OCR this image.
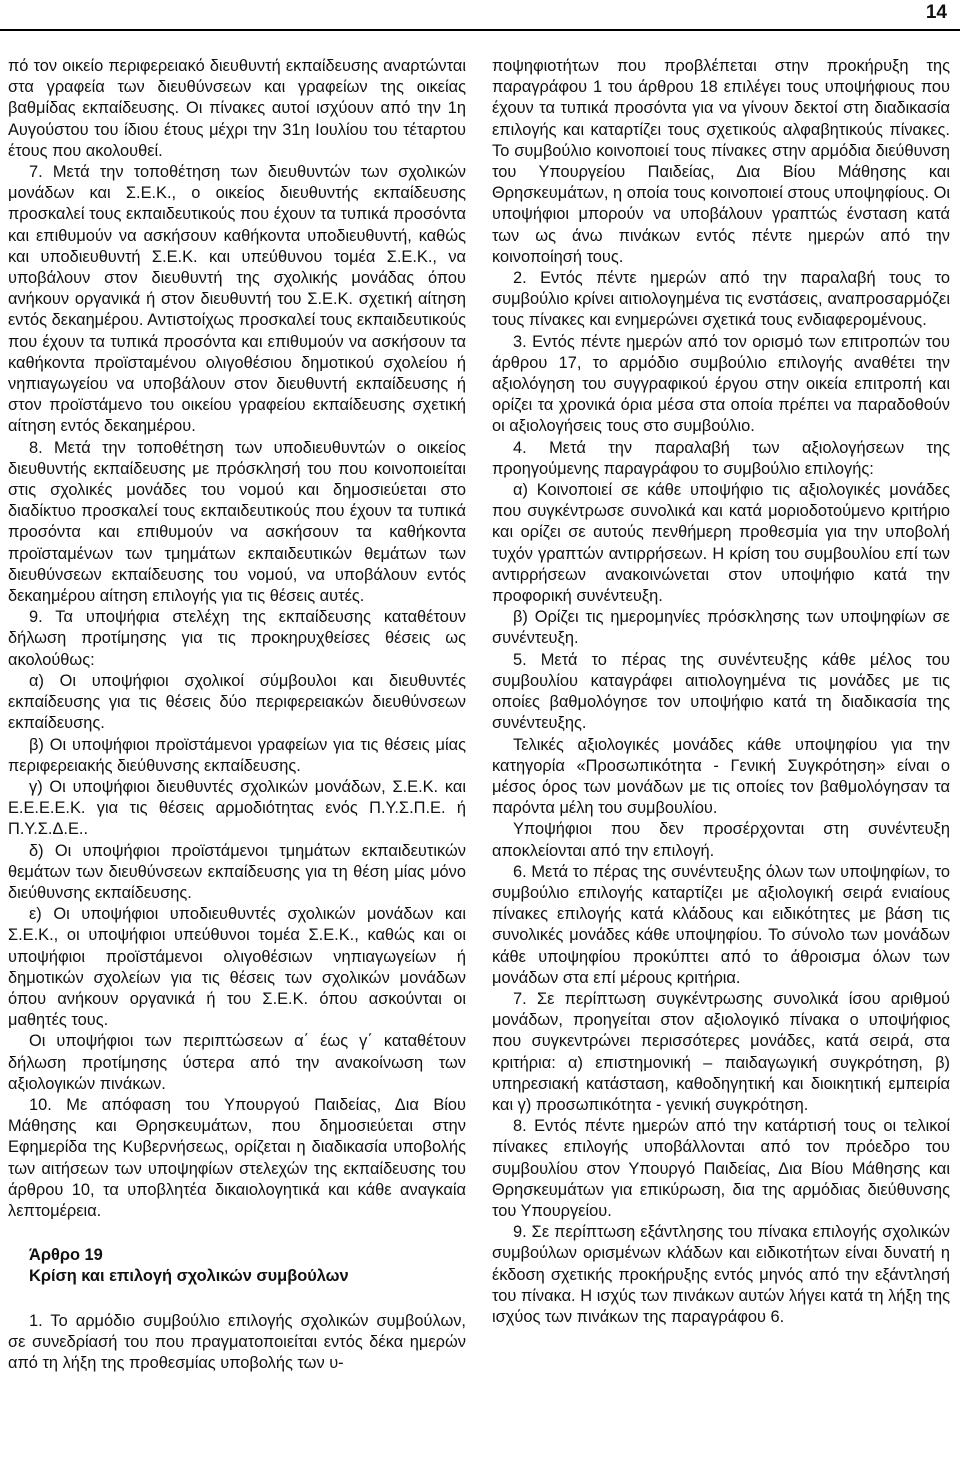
14

πό τον οικείο περιφερειακό διευθυντή εκπαίδευσης αναρτώνται στα γραφεία των διευθύνσεων και γραφείων της οικείας βαθμίδας εκπαίδευσης. Οι πίνακες αυτοί ισχύουν από την 1η Αυγούστου του ίδιου έτους μέχρι την 31η Ιουλίου του τέταρτου έτους που ακολουθεί.

7. Μετά την τοποθέτηση των διευθυντών των σχολικών μονάδων και Σ.Ε.Κ., ο οικείος διευθυντής εκπαίδευσης προσκαλεί τους εκπαιδευτικούς που έχουν τα τυπικά προσόντα και επιθυμούν να ασκήσουν καθήκοντα υποδιευθυντή, καθώς και υποδιευθυντή Σ.Ε.Κ. και υπεύθυνου τομέα Σ.Ε.Κ., να υποβάλουν στον διευθυντή της σχολικής μονάδας όπου ανήκουν οργανικά ή στον διευθυντή του Σ.Ε.Κ. σχετική αίτηση εντός δεκαημέρου. Αντιστοίχως προσκαλεί τους εκπαιδευτικούς που έχουν τα τυπικά προσόντα και επιθυμούν να ασκήσουν τα καθήκοντα προϊσταμένου ολιγοθέσιου δημοτικού σχολείου ή νηπιαγωγείου να υποβάλουν στον διευθυντή εκπαίδευσης ή στον προϊστάμενο του οικείου γραφείου εκπαίδευσης σχετική αίτηση εντός δεκαημέρου.

8. Μετά την τοποθέτηση των υποδιευθυντών ο οικείος διευθυντής εκπαίδευσης με πρόσκλησή του που κοινοποιείται στις σχολικές μονάδες του νομού και δημοσιεύεται στο διαδίκτυο προσκαλεί τους εκπαιδευτικούς που έχουν τα τυπικά προσόντα και επιθυμούν να ασκήσουν τα καθήκοντα προϊσταμένων των τμημάτων εκπαιδευτικών θεμάτων των διευθύνσεων εκπαίδευσης του νομού, να υποβάλουν εντός δεκαημέρου αίτηση επιλογής για τις θέσεις αυτές.

9. Τα υποψήφια στελέχη της εκπαίδευσης καταθέτουν δήλωση προτίμησης για τις προκηρυχθείσες θέσεις ως ακολούθως:

α) Οι υποψήφιοι σχολικοί σύμβουλοι και διευθυντές εκπαίδευσης για τις θέσεις δύο περιφερειακών διευθύνσεων εκπαίδευσης.

β) Οι υποψήφιοι προϊστάμενοι γραφείων για τις θέσεις μίας περιφερειακής διεύθυνσης εκπαίδευσης.

γ) Οι υποψήφιοι διευθυντές σχολικών μονάδων, Σ.Ε.Κ. και Ε.Ε.Ε.Ε.Κ. για τις θέσεις αρμοδιότητας ενός Π.Υ.Σ.Π.Ε. ή Π.Υ.Σ.Δ.Ε..

δ) Οι υποψήφιοι προϊστάμενοι τμημάτων εκπαιδευτικών θεμάτων των διευθύνσεων εκπαίδευσης για τη θέση μίας μόνο διεύθυνσης εκπαίδευσης.

ε) Οι υποψήφιοι υποδιευθυντές σχολικών μονάδων και Σ.Ε.Κ., οι υποψήφιοι υπεύθυνοι τομέα Σ.Ε.Κ., καθώς και οι υποψήφιοι προϊστάμενοι ολιγοθέσιων νηπιαγωγείων ή δημοτικών σχολείων για τις θέσεις των σχολικών μονάδων όπου ανήκουν οργανικά ή του Σ.Ε.Κ. όπου ασκούνται οι μαθητές τους.

Οι υποψήφιοι των περιπτώσεων α΄ έως γ΄ καταθέτουν δήλωση προτίμησης ύστερα από την ανακοίνωση των αξιολογικών πινάκων.

10. Με απόφαση του Υπουργού Παιδείας, Δια Βίου Μάθησης και Θρησκευμάτων, που δημοσιεύεται στην Εφημερίδα της Κυβερνήσεως, ορίζεται η διαδικασία υποβολής των αιτήσεων των υποψηφίων στελεχών της εκπαίδευσης του άρθρου 10, τα υποβλητέα δικαιολογητικά και κάθε αναγκαία λεπτομέρεια.

Άρθρο 19

Κρίση και επιλογή σχολικών συμβούλων

1. Το αρμόδιο συμβούλιο επιλογής σχολικών συμβούλων, σε συνεδρίασή του που πραγματοποιείται εντός δέκα ημερών από τη λήξη της προθεσμίας υποβολής των υ-

ποψηφιοτήτων που προβλέπεται στην προκήρυξη της παραγράφου 1 του άρθρου 18 επιλέγει τους υποψήφιους που έχουν τα τυπικά προσόντα για να γίνουν δεκτοί στη διαδικασία επιλογής και καταρτίζει τους σχετικούς αλφαβητικούς πίνακες. Το συμβούλιο κοινοποιεί τους πίνακες στην αρμόδια διεύθυνση του Υπουργείου Παιδείας, Δια Βίου Μάθησης και Θρησκευμάτων, η οποία τους κοινοποιεί στους υποψηφίους. Οι υποψήφιοι μπορούν να υποβάλουν γραπτώς ένσταση κατά των ως άνω πινάκων εντός πέντε ημερών από την κοινοποίησή τους.

2. Εντός πέντε ημερών από την παραλαβή τους το συμβούλιο κρίνει αιτιολογημένα τις ενστάσεις, αναπροσαρμόζει τους πίνακες και ενημερώνει σχετικά τους ενδιαφερομένους.

3. Εντός πέντε ημερών από τον ορισμό των επιτροπών του άρθρου 17, το αρμόδιο συμβούλιο επιλογής αναθέτει την αξιολόγηση του συγγραφικού έργου στην οικεία επιτροπή και ορίζει τα χρονικά όρια μέσα στα οποία πρέπει να παραδοθούν οι αξιολογήσεις τους στο συμβούλιο.

4. Μετά την παραλαβή των αξιολογήσεων της προηγούμενης παραγράφου το συμβούλιο επιλογής:

α) Κοινοποιεί σε κάθε υποψήφιο τις αξιολογικές μονάδες που συγκέντρωσε συνολικά και κατά μοριοδοτούμενο κριτήριο και ορίζει σε αυτούς πενθήμερη προθεσμία για την υποβολή τυχόν γραπτών αντιρρήσεων. Η κρίση του συμβουλίου επί των αντιρρήσεων ανακοινώνεται στον υποψήφιο κατά την προφορική συνέντευξη.

β) Ορίζει τις ημερομηνίες πρόσκλησης των υποψηφίων σε συνέντευξη.

5. Μετά το πέρας της συνέντευξης κάθε μέλος του συμβουλίου καταγράφει αιτιολογημένα τις μονάδες με τις οποίες βαθμολόγησε τον υποψήφιο κατά τη διαδικασία της συνέντευξης.

Τελικές αξιολογικές μονάδες κάθε υποψηφίου για την κατηγορία «Προσωπικότητα - Γενική Συγκρότηση» είναι ο μέσος όρος των μονάδων με τις οποίες τον βαθμολόγησαν τα παρόντα μέλη του συμβουλίου.

Υποψήφιοι που δεν προσέρχονται στη συνέντευξη αποκλείονται από την επιλογή.

6. Μετά το πέρας της συνέντευξης όλων των υποψηφίων, το συμβούλιο επιλογής καταρτίζει με αξιολογική σειρά ενιαίους πίνακες επιλογής κατά κλάδους και ειδικότητες με βάση τις συνολικές μονάδες κάθε υποψηφίου. Το σύνολο των μονάδων κάθε υποψηφίου προκύπτει από το άθροισμα όλων των μονάδων στα επί μέρους κριτήρια.

7. Σε περίπτωση συγκέντρωσης συνολικά ίσου αριθμού μονάδων, προηγείται στον αξιολογικό πίνακα ο υποψήφιος που συγκεντρώνει περισσότερες μονάδες, κατά σειρά, στα κριτήρια: α) επιστημονική – παιδαγωγική συγκρότηση, β) υπηρεσιακή κατάσταση, καθοδηγητική και διοικητική εμπειρία και γ) προσωπικότητα - γενική συγκρότηση.

8. Εντός πέντε ημερών από την κατάρτισή τους οι τελικοί πίνακες επιλογής υποβάλλονται από τον πρόεδρο του συμβουλίου στον Υπουργό Παιδείας, Δια Βίου Μάθησης και Θρησκευμάτων για επικύρωση, δια της αρμόδιας διεύθυνσης του Υπουργείου.

9. Σε περίπτωση εξάντλησης του πίνακα επιλογής σχολικών συμβούλων ορισμένων κλάδων και ειδικοτήτων είναι δυνατή η έκδοση σχετικής προκήρυξης εντός μηνός από την εξάντλησή του πίνακα. Η ισχύς των πινάκων αυτών λήγει κατά τη λήξη της ισχύος των πινάκων της παραγράφου 6.
